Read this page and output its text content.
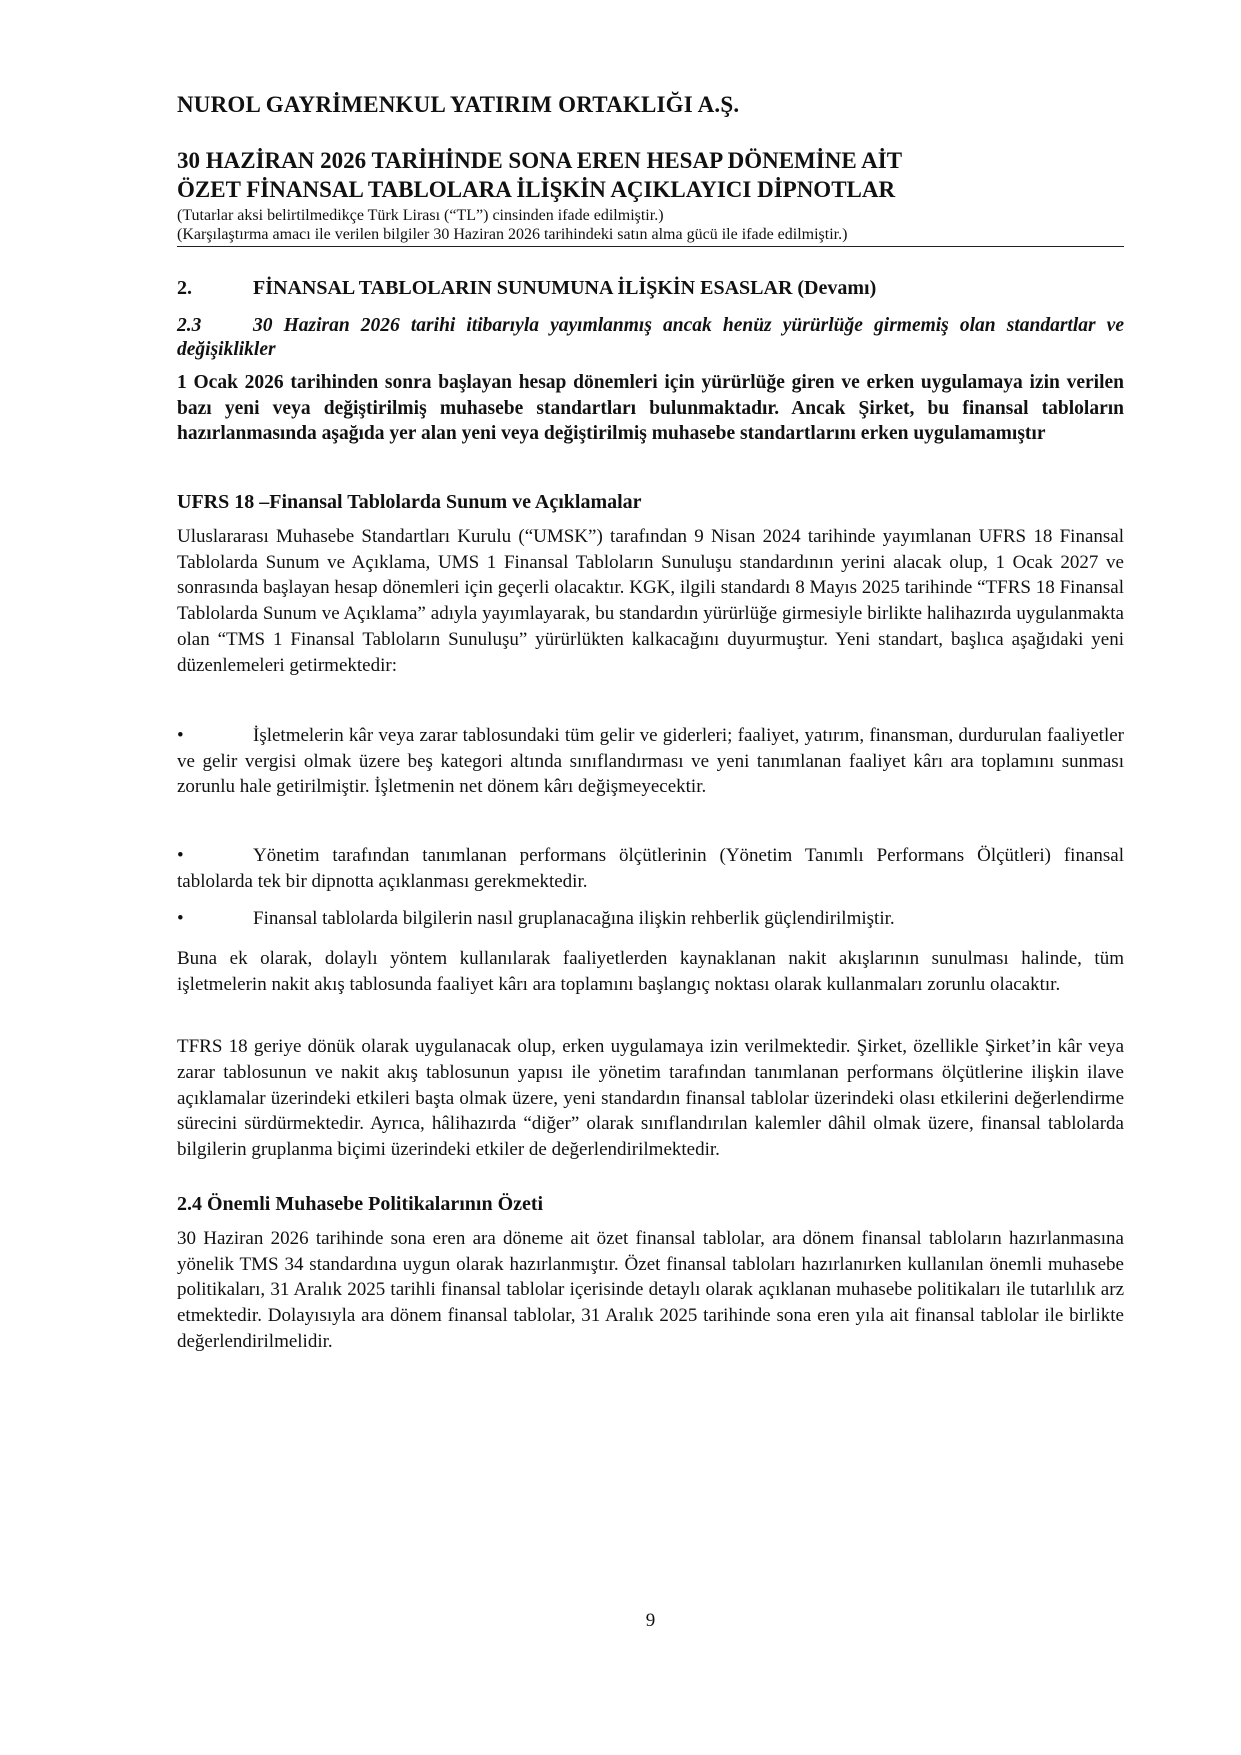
NUROL GAYRİMENKUL YATIRIM ORTAKLIĞI A.Ş.
30 HAZİRAN 2026 TARİHİNDE SONA EREN HESAP DÖNEMİNE AİT
ÖZET FİNANSAL TABLOLARA İLİŞKİN AÇIKLAYICI DİPNOTLAR
(Tutarlar aksi belirtilmedikçe Türk Lirası (“TL”) cinsinden ifade edilmiştir.)
(Karşılaştırma amacı ile verilen bilgiler 30 Haziran 2026 tarihindeki satın alma gücü ile ifade edilmiştir.)
2.	FİNANSAL TABLOLARIN SUNUMUNA İLİŞKİN ESASLAR (Devamı)
2.3	30 Haziran 2026 tarihi itibarıyla yayımlanmış ancak henüz yürürlüğe girmemiş olan standartlar ve değişiklikler
1 Ocak 2026 tarihinden sonra başlayan hesap dönemleri için yürürlüğe giren ve erken uygulamaya izin verilen bazı yeni veya değiştirilmiş muhasebe standartları bulunmaktadır. Ancak Şirket, bu finansal tabloların hazırlanmasında aşağıda yer alan yeni veya değiştirilmiş muhasebe standartlarını erken uygulamamıştır
UFRS 18 –Finansal Tablolarda Sunum ve Açıklamalar
Uluslararası Muhasebe Standartları Kurulu (“UMSK”) tarafından 9 Nisan 2024 tarihinde yayımlanan UFRS 18 Finansal Tablolarda Sunum ve Açıklama, UMS 1 Finansal Tabloların Sunuluşu standardının yerini alacak olup, 1 Ocak 2027 ve sonrasında başlayan hesap dönemleri için geçerli olacaktır. KGK, ilgili standardı 8 Mayıs 2025 tarihinde “TFRS 18 Finansal Tablolarda Sunum ve Açıklama” adıyla yayımlayarak, bu standardın yürürlüğe girmesiyle birlikte halihazırda uygulanmakta olan “TMS 1 Finansal Tabloların Sunuluşu” yürürlükten kalkacağını duyurmuştur. Yeni standart, başlıca aşağıdaki yeni düzenlemeleri getirmektedir:
•	İşletmelerin kâr veya zarar tablosundaki tüm gelir ve giderleri; faaliyet, yatırım, finansman, durdurulan faaliyetler ve gelir vergisi olmak üzere beş kategori altında sınıflandırması ve yeni tanımlanan faaliyet kârı ara toplamını sunması zorunlu hale getirilmiştir. İşletmenin net dönem kârı değişmeyecektir.
•	Yönetim tarafından tanımlanan performans ölçütlerinin (Yönetim Tanımlı Performans Ölçütleri) finansal tablolarda tek bir dipnotta açıklanması gerekmektedir.
•	Finansal tablolarda bilgilerin nasıl gruplanacağına ilişkin rehberlik güçlendirilmiştir.
Buna ek olarak, dolaylı yöntem kullanılarak faaliyetlerden kaynaklanan nakit akışlarının sunulması halinde, tüm işletmelerin nakit akış tablosunda faaliyet kârı ara toplamını başlangıç noktası olarak kullanmaları zorunlu olacaktır.
TFRS 18 geriye dönük olarak uygulanacak olup, erken uygulamaya izin verilmektedir. Şirket, özellikle Şirket’in kâr veya zarar tablosunun ve nakit akış tablosunun yapısı ile yönetim tarafından tanımlanan performans ölçütlerine ilişkin ilave açıklamalar üzerindeki etkileri başta olmak üzere, yeni standardın finansal tablolar üzerindeki olası etkilerini değerlendirme sürecini sürdürmektedir. Ayrıca, hâlihazırda “diğer” olarak sınıflandırılan kalemler dâhil olmak üzere, finansal tablolarda bilgilerin gruplanma biçimi üzerindeki etkiler de değerlendirilmektedir.
2.4 Önemli Muhasebe Politikalarının Özeti
30 Haziran 2026 tarihinde sona eren ara döneme ait özet finansal tablolar, ara dönem finansal tabloların hazırlanmasına yönelik TMS 34 standardına uygun olarak hazırlanmıştır. Özet finansal tabloları hazırlanırken kullanılan önemli muhasebe politikaları, 31 Aralık 2025 tarihli finansal tablolar içerisinde detaylı olarak açıklanan muhasebe politikaları ile tutarlılık arz etmektedir. Dolayısıyla ara dönem finansal tablolar, 31 Aralık 2025 tarihinde sona eren yıla ait finansal tablolar ile birlikte değerlendirilmelidir.
9
